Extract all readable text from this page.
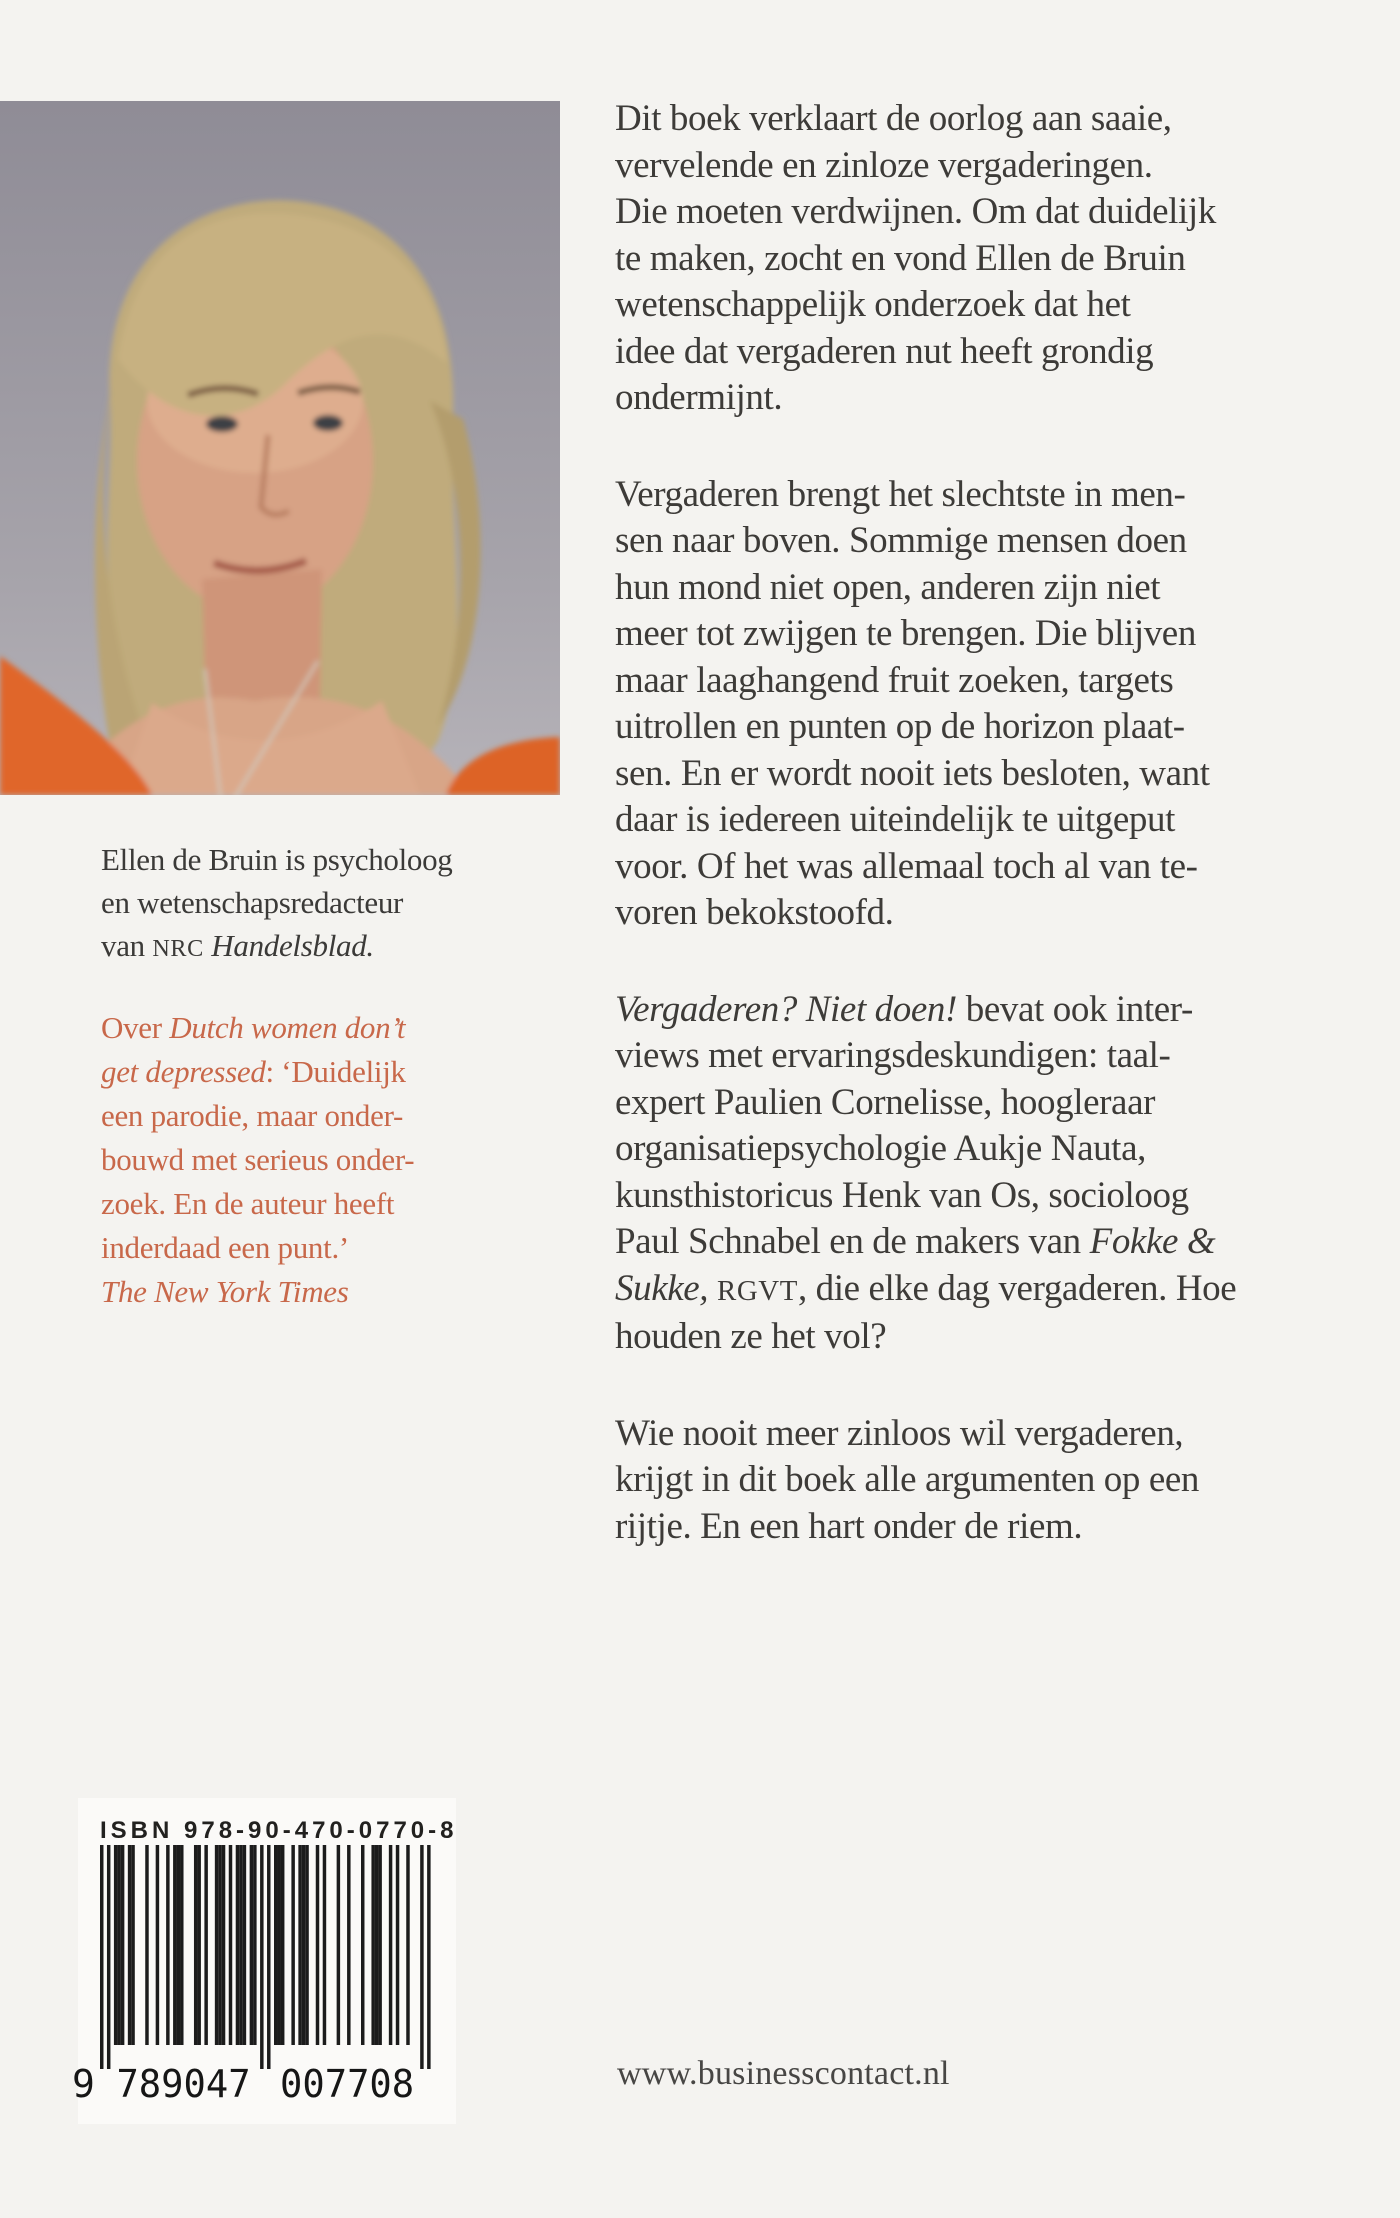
Ellen de Bruin is psycholoog
en wetenschapsredacteur
van NRC Handelsblad.
Over Dutch women don’t
get depressed: ‘Duidelijk
een parodie, maar onder-
bouwd met serieus onder-
zoek. En de auteur heeft
inderdaad een punt.’
The New York Times
Dit boek verklaart de oorlog aan saaie,
vervelende en zinloze vergaderingen.
Die moeten verdwijnen. Om dat duidelijk
te maken, zocht en vond Ellen de Bruin
wetenschappelijk onderzoek dat het
idee dat vergaderen nut heeft grondig
ondermijnt.
Vergaderen brengt het slechtste in men-
sen naar boven. Sommige mensen doen
hun mond niet open, anderen zijn niet
meer tot zwijgen te brengen. Die blijven
maar laaghangend fruit zoeken, targets
uitrollen en punten op de horizon plaat-
sen. En er wordt nooit iets besloten, want
daar is iedereen uiteindelijk te uitgeput
voor. Of het was allemaal toch al van te-
voren bekokstoofd.
Vergaderen? Niet doen! bevat ook inter-
views met ervaringsdeskundigen: taal-
expert Paulien Cornelisse, hoogleraar
organisatiepsychologie Aukje Nauta,
kunsthistoricus Henk van Os, socioloog
Paul Schnabel en de makers van Fokke &
Sukke, RGVT, die elke dag vergaderen. Hoe
houden ze het vol?
Wie nooit meer zinloos wil vergaderen,
krijgt in dit boek alle argumenten op een
rijtje. En een hart onder de riem.
ISBN 978-90-470-0770-8
9 789047 007708	www.businesscontact.nl
